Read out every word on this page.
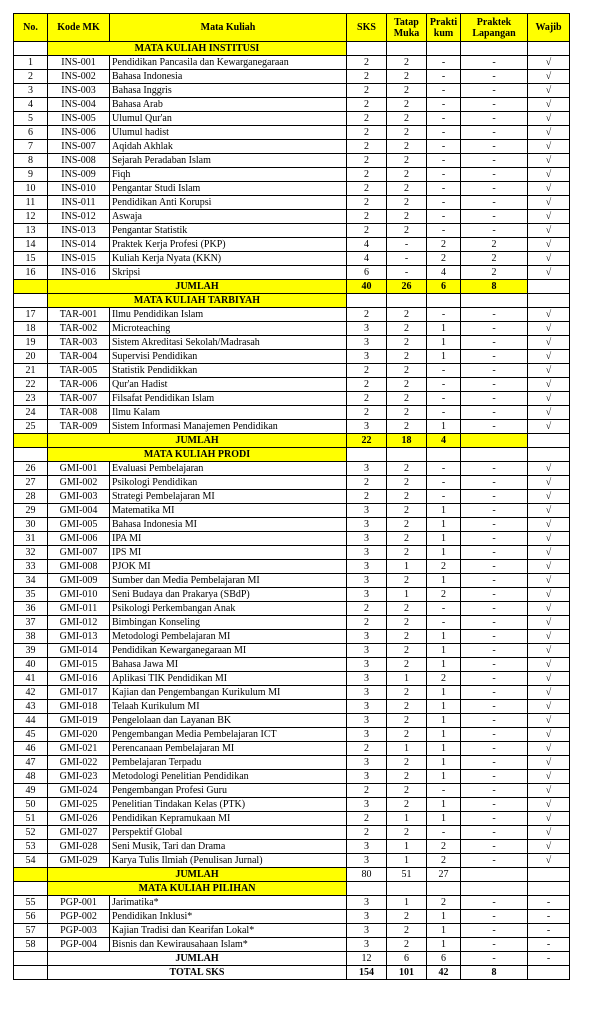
No.	Kode MK	Mata Kuliah	SKS	Tatap Muka	Prakti kum	Praktek Lapangan	Wajib
	MATA KULIAH INSTITUSI						
1	INS-001	Pendidikan Pancasila dan Kewarganegaraan	2	2	-	-	√
2	INS-002	Bahasa Indonesia	2	2	-	-	√
3	INS-003	Bahasa Inggris	2	2	-	-	√
4	INS-004	Bahasa Arab	2	2	-	-	√
5	INS-005	Ulumul Qur'an	2	2	-	-	√
6	INS-006	Ulumul hadist	2	2	-	-	√
7	INS-007	Aqidah Akhlak	2	2	-	-	√
8	INS-008	Sejarah Peradaban Islam	2	2	-	-	√
9	INS-009	Fiqh	2	2	-	-	√
10	INS-010	Pengantar Studi Islam	2	2	-	-	√
11	INS-011	Pendidikan Anti Korupsi	2	2	-	-	√
12	INS-012	Aswaja	2	2	-	-	√
13	INS-013	Pengantar Statistik	2	2	-	-	√
14	INS-014	Praktek Kerja Profesi (PKP)	4	-	2	2	√
15	INS-015	Kuliah Kerja Nyata (KKN)	4	-	2	2	√
16	INS-016	Skripsi	6	-	4	2	√
	JUMLAH		40	26	6	8	
	MATA KULIAH TARBIYAH						
17	TAR-001	Ilmu Pendidikan Islam	2	2	-	-	√
18	TAR-002	Microteaching	3	2	1	-	√
19	TAR-003	Sistem Akreditasi Sekolah/Madrasah	3	2	1	-	√
20	TAR-004	Supervisi Pendidikan	3	2	1	-	√
21	TAR-005	Statistik Pendidikkan	2	2	-	-	√
22	TAR-006	Qur'an Hadist	2	2	-	-	√
23	TAR-007	Filsafat Pendidikan Islam	2	2	-	-	√
24	TAR-008	Ilmu Kalam	2	2	-	-	√
25	TAR-009	Sistem Informasi Manajemen Pendidikan	3	2	1	-	√
	JUMLAH		22	18	4		
	MATA KULIAH PRODI						
26	GMI-001	Evaluasi Pembelajaran	3	2	-	-	√
27	GMI-002	Psikologi Pendidikan	2	2	-	-	√
28	GMI-003	Strategi Pembelajaran MI	2	2	-	-	√
29	GMI-004	Matematika MI	3	2	1	-	√
30	GMI-005	Bahasa Indonesia MI	3	2	1	-	√
31	GMI-006	IPA MI	3	2	1	-	√
32	GMI-007	IPS MI	3	2	1	-	√
33	GMI-008	PJOK MI	3	1	2	-	√
34	GMI-009	Sumber dan Media Pembelajaran MI	3	2	1	-	√
35	GMI-010	Seni Budaya dan Prakarya (SBdP)	3	1	2	-	√
36	GMI-011	Psikologi Perkembangan Anak	2	2	-	-	√
37	GMI-012	Bimbingan Konseling	2	2	-	-	√
38	GMI-013	Metodologi Pembelajaran MI	3	2	1	-	√
39	GMI-014	Pendidikan Kewarganegaraan MI	3	2	1	-	√
40	GMI-015	Bahasa Jawa MI	3	2	1	-	√
41	GMI-016	Aplikasi TIK Pendidikan MI	3	1	2	-	√
42	GMI-017	Kajian dan Pengembangan Kurikulum MI	3	2	1	-	√
43	GMI-018	Telaah Kurikulum MI	3	2	1	-	√
44	GMI-019	Pengelolaan dan Layanan BK	3	2	1	-	√
45	GMI-020	Pengembangan Media Pembelajaran ICT	3	2	1	-	√
46	GMI-021	Perencanaan Pembelajaran MI	2	1	1	-	√
47	GMI-022	Pembelajaran Terpadu	3	2	1	-	√
48	GMI-023	Metodologi Penelitian Pendidikan	3	2	1	-	√
49	GMI-024	Pengembangan Profesi Guru	2	2	-	-	√
50	GMI-025	Penelitian Tindakan Kelas (PTK)	3	2	1	-	√
51	GMI-026	Pendidikan Kepramukaan MI	2	1	1	-	√
52	GMI-027	Perspektif Global	2	2	-	-	√
53	GMI-028	Seni Musik, Tari dan Drama	3	1	2	-	√
54	GMI-029	Karya Tulis Ilmiah (Penulisan Jurnal)	3	1	2	-	√
	JUMLAH		80	51	27		
	MATA KULIAH PILIHAN						
55	PGP-001	Jarimatika*	3	1	2	-	-
56	PGP-002	Pendidikan Inklusi*	3	2	1	-	-
57	PGP-003	Kajian Tradisi dan Kearifan Lokal*	3	2	1	-	-
58	PGP-004	Bisnis dan Kewirausahaan Islam*	3	2	1	-	-
	JUMLAH		12	6	6	-	-
	TOTAL SKS		154	101	42	8	
